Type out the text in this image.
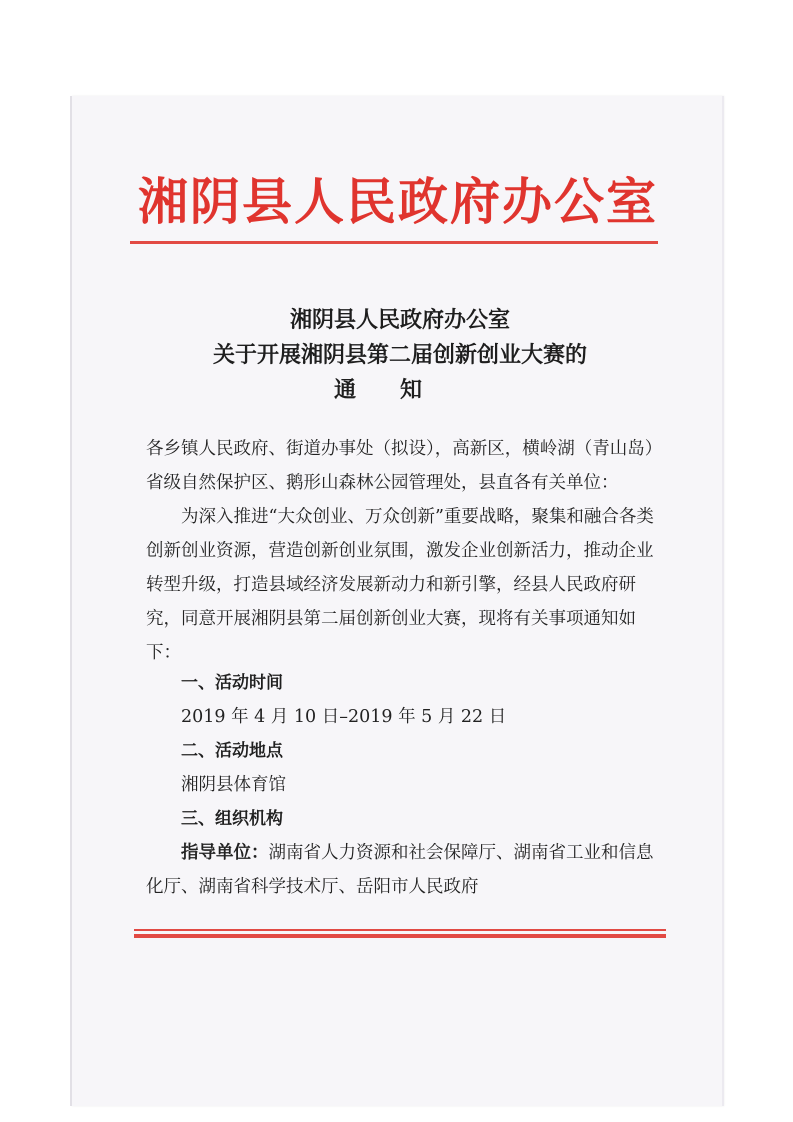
湘阴县人民政府办公室
湘阴县人民政府办公室
关于开展湘阴县第二届创新创业大赛的
通知
各乡镇人民政府、街道办事处（拟设），高新区，横岭湖（青山岛）省级自然保护区、鹅形山森林公园管理处，县直各有关单位：
为深入推进“大众创业、万众创新”重要战略，聚集和融合各类创新创业资源，营造创新创业氛围，激发企业创新活力，推动企业转型升级，打造县域经济发展新动力和新引擎，经县人民政府研究，同意开展湘阴县第二届创新创业大赛，现将有关事项通知如下：
一、活动时间
2019 年 4 月 10 日–2019 年 5 月 22 日
二、活动地点
湘阴县体育馆
三、组织机构
指导单位：湖南省人力资源和社会保障厅、湖南省工业和信息化厅、湖南省科学技术厅、岳阳市人民政府
